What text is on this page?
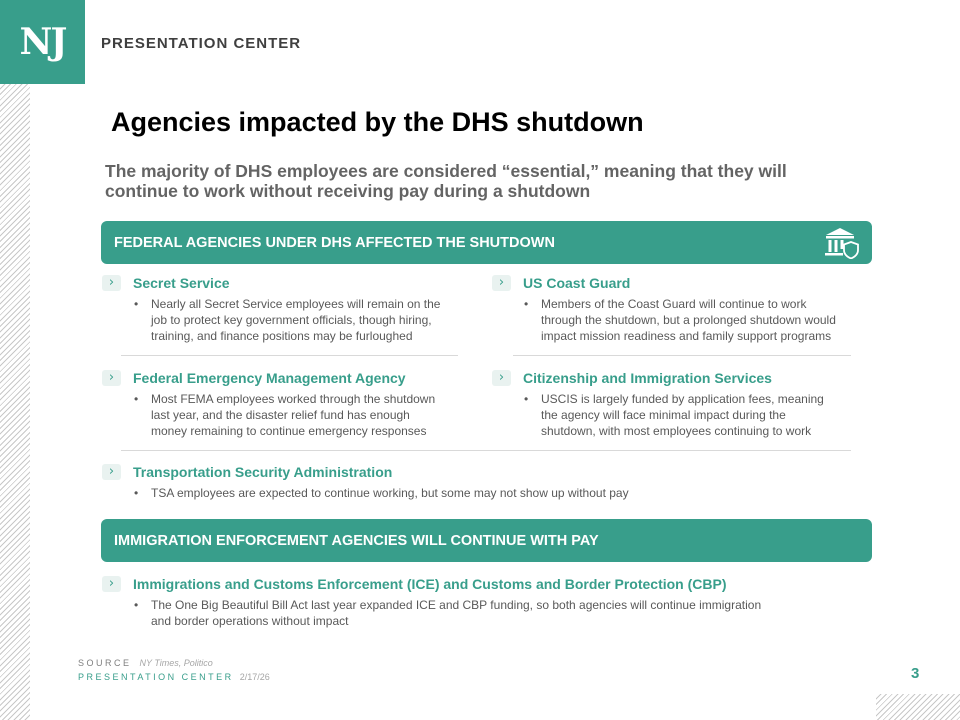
NJ PRESENTATION CENTER
Agencies impacted by the DHS shutdown
The majority of DHS employees are considered “essential,” meaning that they will
continue to work without receiving pay during a shutdown
FEDERAL AGENCIES UNDER DHS AFFECTED THE SHUTDOWN
›	Secret Service
• Nearly all Secret Service employees will remain on the
job to protect key government officials, though hiring,
training, and finance positions may be furloughed
›	US Coast Guard
• Members of the Coast Guard will continue to work
through the shutdown, but a prolonged shutdown would
impact mission readiness and family support programs
›	Federal Emergency Management Agency
• Most FEMA employees worked through the shutdown
last year, and the disaster relief fund has enough
money remaining to continue emergency responses
›	Citizenship and Immigration Services
• USCIS is largely funded by application fees, meaning
the agency will face minimal impact during the
shutdown, with most employees continuing to work
›	Transportation Security Administration
• TSA employees are expected to continue working, but some may not show up without pay
IMMIGRATION ENFORCEMENT AGENCIES WILL CONTINUE WITH PAY
›	Immigrations and Customs Enforcement (ICE) and Customs and Border Protection (CBP)
• The One Big Beautiful Bill Act last year expanded ICE and CBP funding, so both agencies will continue immigration
and border operations without impact
SOURCE NY Times, Politico
PRESENTATION CENTER 2/17/26	3
